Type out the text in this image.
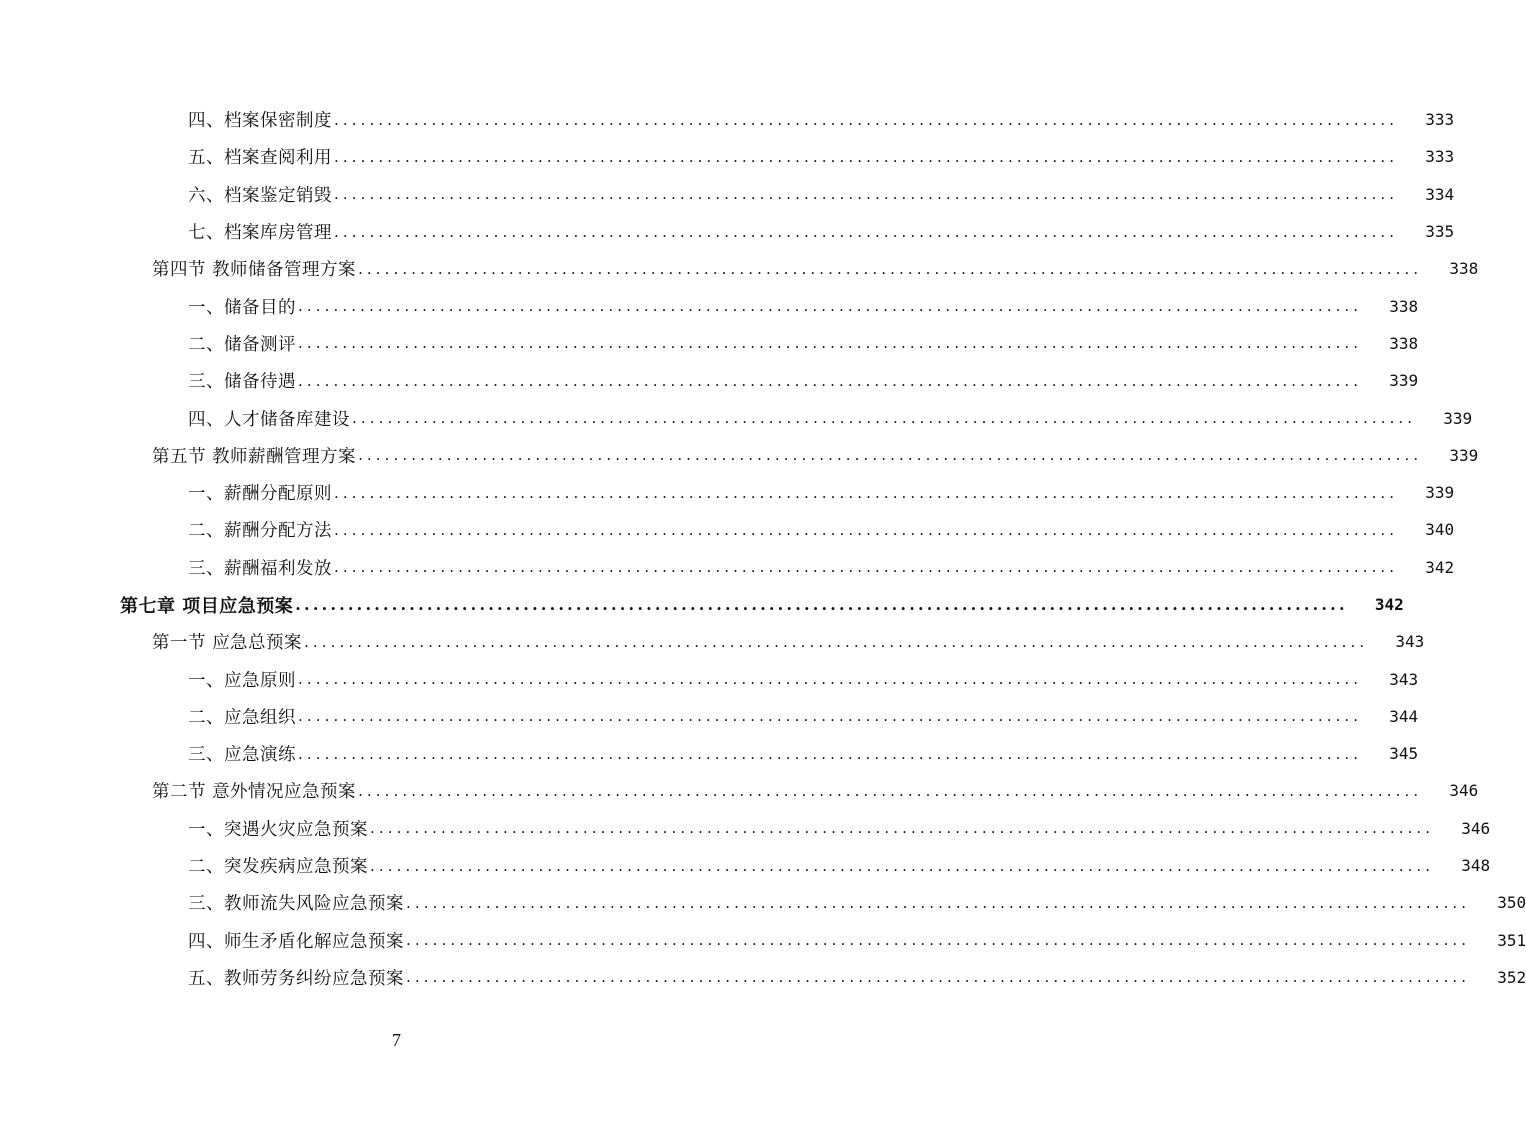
四、档案保密制度 ........................................................................................................................	333
五、档案查阅利用 ........................................................................................................................	333
六、档案鉴定销毁 ........................................................................................................................	334
七、档案库房管理 ........................................................................................................................	335
第四节 教师储备管理方案 ........................................................................................................................	338
一、储备目的 ........................................................................................................................	338
二、储备测评 ........................................................................................................................	338
三、储备待遇 ........................................................................................................................	339
四、人才储备库建设 ........................................................................................................................	339
第五节 教师薪酬管理方案 ........................................................................................................................	339
一、薪酬分配原则 ........................................................................................................................	339
二、薪酬分配方法 ........................................................................................................................	340
三、薪酬福利发放 ........................................................................................................................	342
第七章 项目应急预案 ........................................................................................................................	342
第一节 应急总预案 ........................................................................................................................	343
一、应急原则 ........................................................................................................................	343
二、应急组织 ........................................................................................................................	344
三、应急演练 ........................................................................................................................	345
第二节 意外情况应急预案 ........................................................................................................................	346
一、突遇火灾应急预案 ........................................................................................................................	346
二、突发疾病应急预案 ........................................................................................................................	348
三、教师流失风险应急预案 ........................................................................................................................	350
四、师生矛盾化解应急预案 ........................................................................................................................	351
五、教师劳务纠纷应急预案 ........................................................................................................................	352
7
